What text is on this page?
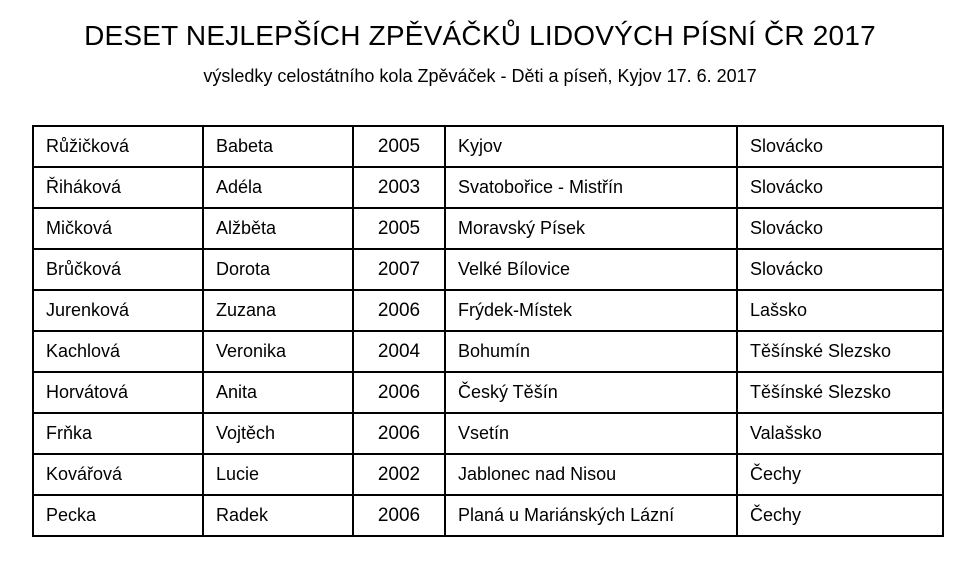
DESET NEJLEPŠÍCH ZPĚVÁČKŮ LIDOVÝCH PÍSNÍ ČR 2017
výsledky celostátního kola Zpěváček - Děti a píseň, Kyjov 17. 6. 2017
Růžičková	Babeta	2005	Kyjov	Slovácko
Řiháková	Adéla	2003	Svatobořice - Mistřín	Slovácko
Mičková	Alžběta	2005	Moravský Písek	Slovácko
Brůčková	Dorota	2007	Velké Bílovice	Slovácko
Jurenková	Zuzana	2006	Frýdek-Místek	Lašsko
Kachlová	Veronika	2004	Bohumín	Těšínské Slezsko
Horvátová	Anita	2006	Český Těšín	Těšínské Slezsko
Frňka	Vojtěch	2006	Vsetín	Valašsko
Kovářová	Lucie	2002	Jablonec nad Nisou	Čechy
Pecka	Radek	2006	Planá u Mariánských Lázní	Čechy
